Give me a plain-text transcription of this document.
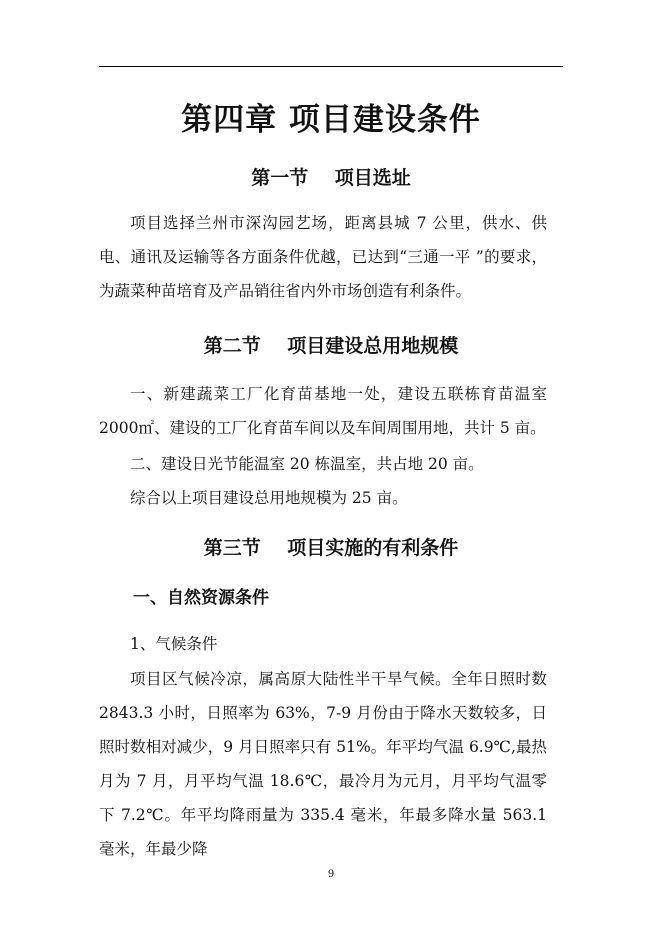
第四章 项目建设条件
第一节    项目选址
项目选择兰州市深沟园艺场，距离县城 7 公里，供水、供电、通讯及运输等各方面条件优越，已达到“三通一平 ”的要求，为蔬菜种苗培育及产品销往省内外市场创造有利条件。
第二节    项目建设总用地规模
一、新建蔬菜工厂化育苗基地一处，建设五联栋育苗温室 2000㎡、建设的工厂化育苗车间以及车间周围用地，共计 5 亩。
二、建设日光节能温室 20 栋温室，共占地 20 亩。
综合以上项目建设总用地规模为 25 亩。
第三节    项目实施的有利条件
一、自然资源条件
1、气候条件
项目区气候冷凉，属高原大陆性半干旱气候。全年日照时数 2843.3 小时，日照率为 63%，7-9 月份由于降水天数较多，日照时数相对减少，9 月日照率只有 51%。年平均气温 6.9℃,最热月为 7 月，月平均气温 18.6℃，最冷月为元月，月平均气温零下 7.2℃。年平均降雨量为 335.4 毫米，年最多降水量 563.1 毫米，年最少降
9
